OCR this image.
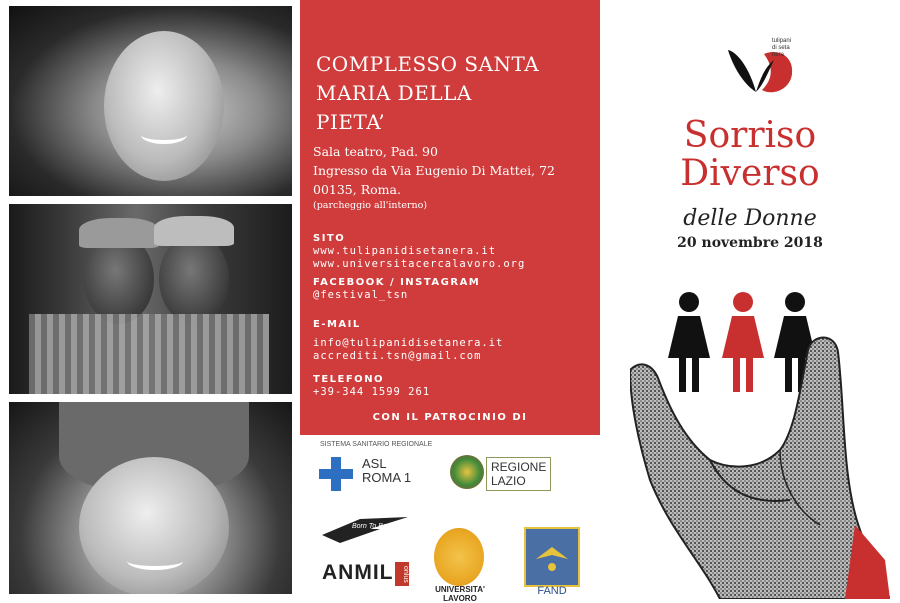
COMPLESSO SANTA
MARIA DELLA
PIETA’
Sala teatro, Pad. 90
Ingresso da Via Eugenio Di Mattei, 72
00135, Roma.
(parcheggio all'interno)
SITO
www.tulipanidisetanera.it
www.universitacercalavoro.org
FACEBOOK / INSTAGRAM
@festival_tsn
E-MAIL
info@tulipanidisetanera.it
accrediti.tsn@gmail.com
TELEFONO
+39-344 1599 261
CON IL PATROCINIO DI
SISTEMA SANITARIO REGIONALE
ASL
ROMA 1
REGIONE
LAZIO
Born To Be Network
ANMIL	onlus
UNIVERSITA' LAVORO
FAND
tulipani
di seta
nera
Sorriso
Diverso
delle Donne
20 novembre 2018
